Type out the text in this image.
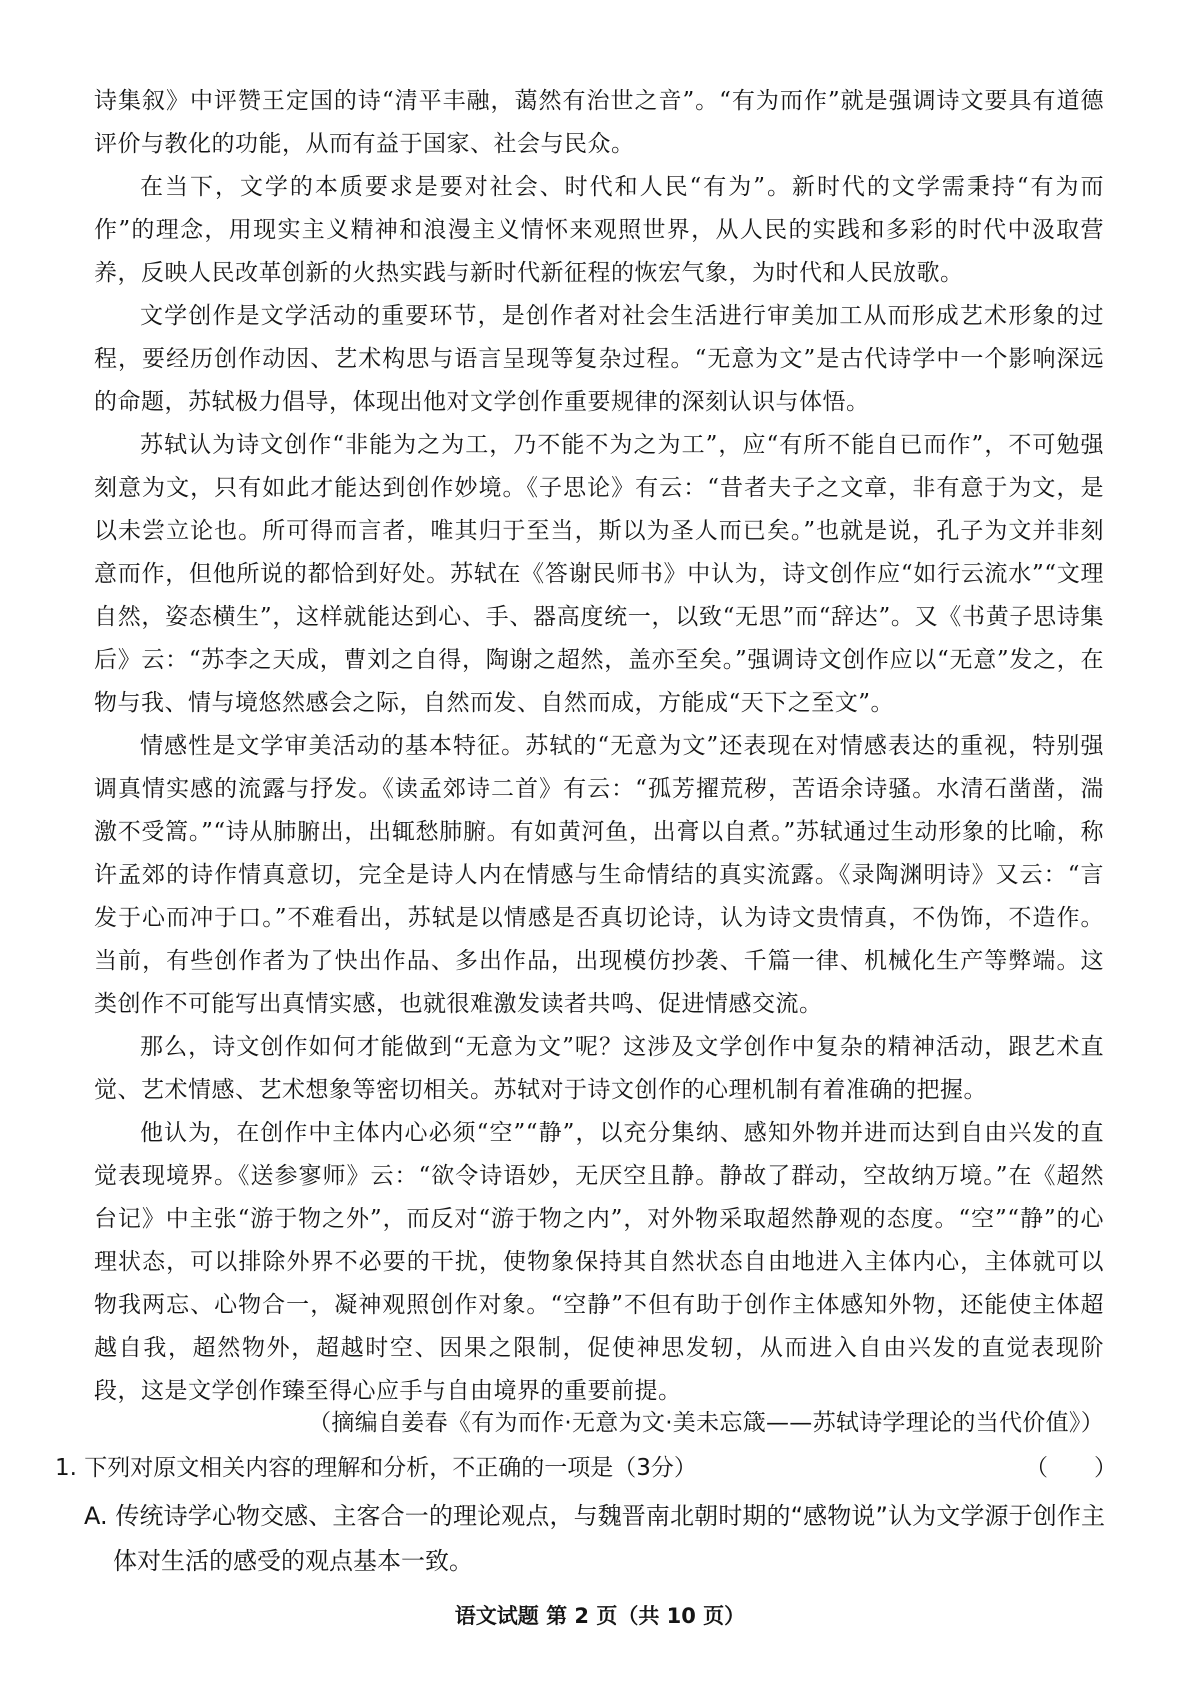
诗集叙》中评赞王定国的诗“清平丰融，蔼然有治世之音”。“有为而作”就是强调诗文要具有道德评价与教化的功能，从而有益于国家、社会与民众。

在当下，文学的本质要求是要对社会、时代和人民“有为”。新时代的文学需秉持“有为而作”的理念，用现实主义精神和浪漫主义情怀来观照世界，从人民的实践和多彩的时代中汲取营养，反映人民改革创新的火热实践与新时代新征程的恢宏气象，为时代和人民放歌。

文学创作是文学活动的重要环节，是创作者对社会生活进行审美加工从而形成艺术形象的过程，要经历创作动因、艺术构思与语言呈现等复杂过程。“无意为文”是古代诗学中一个影响深远的命题，苏轼极力倡导，体现出他对文学创作重要规律的深刻认识与体悟。

苏轼认为诗文创作“非能为之为工，乃不能不为之为工”，应“有所不能自已而作”，不可勉强刻意为文，只有如此才能达到创作妙境。《子思论》有云：“昔者夫子之文章，非有意于为文，是以未尝立论也。所可得而言者，唯其归于至当，斯以为圣人而已矣。”也就是说，孔子为文并非刻意而作，但他所说的都恰到好处。苏轼在《答谢民师书》中认为，诗文创作应“如行云流水”“文理自然，姿态横生”，这样就能达到心、手、器高度统一，以致“无思”而“辞达”。又《书黄子思诗集后》云：“苏李之天成，曹刘之自得，陶谢之超然，盖亦至矣。”强调诗文创作应以“无意”发之，在物与我、情与境悠然感会之际，自然而发、自然而成，方能成“天下之至文”。

情感性是文学审美活动的基本特征。苏轼的“无意为文”还表现在对情感表达的重视，特别强调真情实感的流露与抒发。《读孟郊诗二首》有云：“孤芳擢荒秽，苦语余诗骚。水清石凿凿，湍激不受篙。”“诗从肺腑出，出辄愁肺腑。有如黄河鱼，出膏以自煮。”苏轼通过生动形象的比喻，称许孟郊的诗作情真意切，完全是诗人内在情感与生命情结的真实流露。《录陶渊明诗》又云：“言发于心而冲于口。”不难看出，苏轼是以情感是否真切论诗，认为诗文贵情真，不伪饰，不造作。当前，有些创作者为了快出作品、多出作品，出现模仿抄袭、千篇一律、机械化生产等弊端。这类创作不可能写出真情实感，也就很难激发读者共鸣、促进情感交流。

那么，诗文创作如何才能做到“无意为文”呢？这涉及文学创作中复杂的精神活动，跟艺术直觉、艺术情感、艺术想象等密切相关。苏轼对于诗文创作的心理机制有着准确的把握。

他认为，在创作中主体内心必须“空”“静”，以充分集纳、感知外物并进而达到自由兴发的直觉表现境界。《送参寥师》云：“欲令诗语妙，无厌空且静。静故了群动，空故纳万境。”在《超然台记》中主张“游于物之外”，而反对“游于物之内”，对外物采取超然静观的态度。“空”“静”的心理状态，可以排除外界不必要的干扰，使物象保持其自然状态自由地进入主体内心，主体就可以物我两忘、心物合一，凝神观照创作对象。“空静”不但有助于创作主体感知外物，还能使主体超越自我，超然物外，超越时空、因果之限制，促使神思发轫，从而进入自由兴发的直觉表现阶段，这是文学创作臻至得心应手与自由境界的重要前提。

（摘编自姜春《有为而作·无意为文·美未忘箴——苏轼诗学理论的当代价值》）

1. 下列对原文相关内容的理解和分析，不正确的一项是（3分）	（　　）
A. 传统诗学心物交感、主客合一的理论观点，与魏晋南北朝时期的“感物说”认为文学源于创作主体对生活的感受的观点基本一致。
语文试题 第 2 页（共 10 页）
